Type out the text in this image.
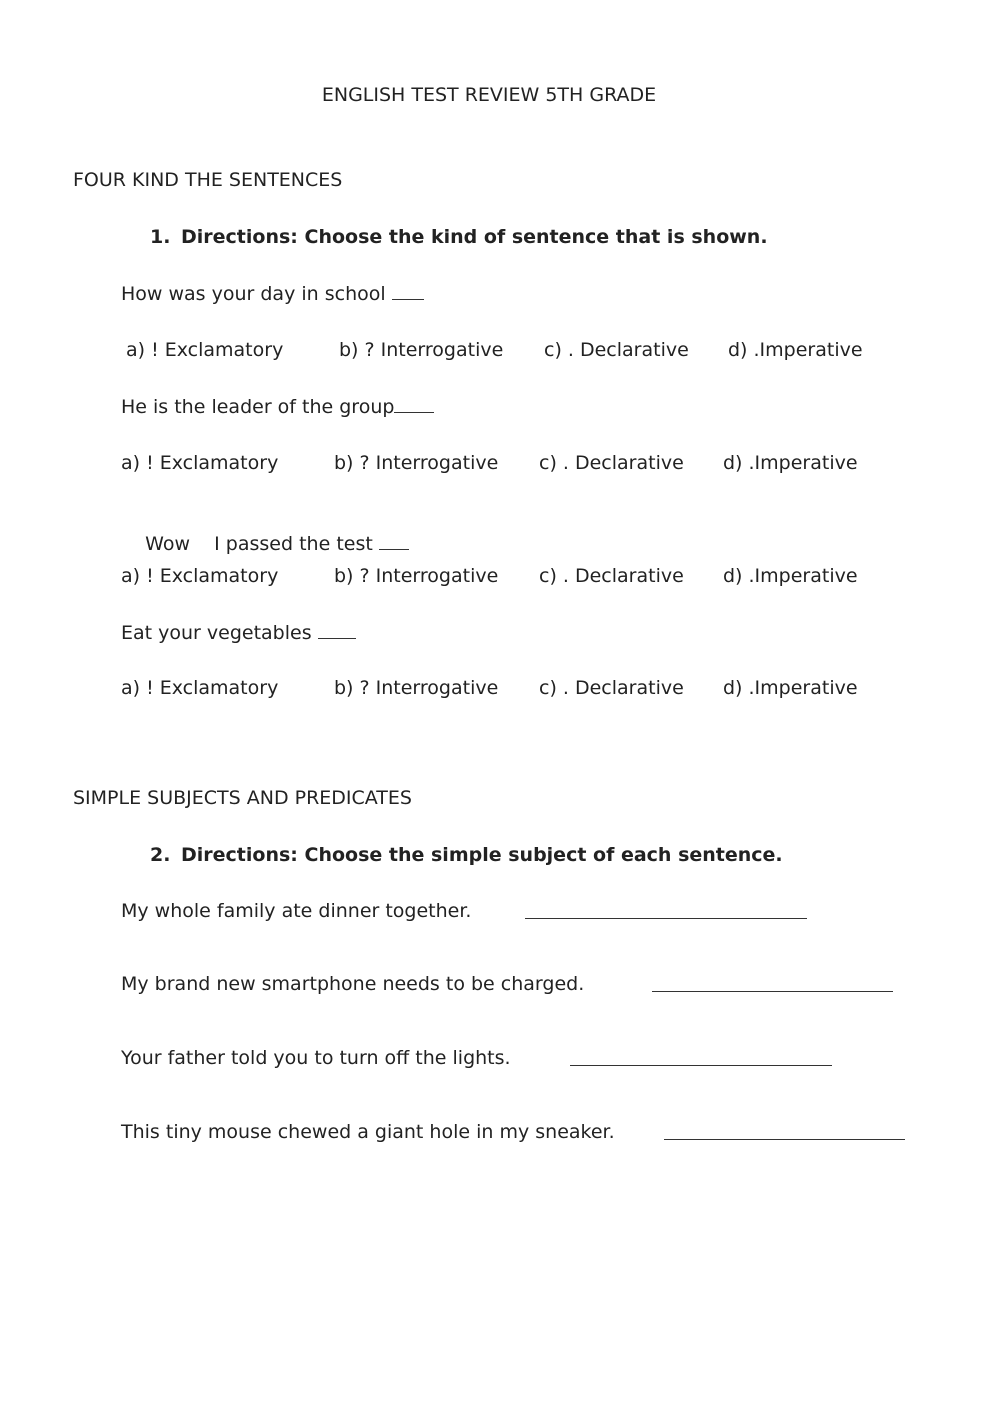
ENGLISH TEST REVIEW 5TH GRADE
FOUR KIND THE SENTENCES
1. Directions: Choose the kind of sentence that is shown.
How was your day in school
a) ! Exclamatory	b) ? Interrogative c) . Declarative d) .Imperative
He is the leader of the group
a) ! Exclamatory	b) ? Interrogative c) . Declarative d) .Imperative

Wow    I passed the test

a) ! Exclamatory	b) ? Interrogative c) . Declarative d) .Imperative
Eat your vegetables
a) ! Exclamatory	b) ? Interrogative c) . Declarative d) .Imperative
SIMPLE SUBJECTS AND PREDICATES
2. Directions: Choose the simple subject of each sentence.
My whole family ate dinner together.
My brand new smartphone needs to be charged.
Your father told you to turn off the lights.
This tiny mouse chewed a giant hole in my sneaker.
